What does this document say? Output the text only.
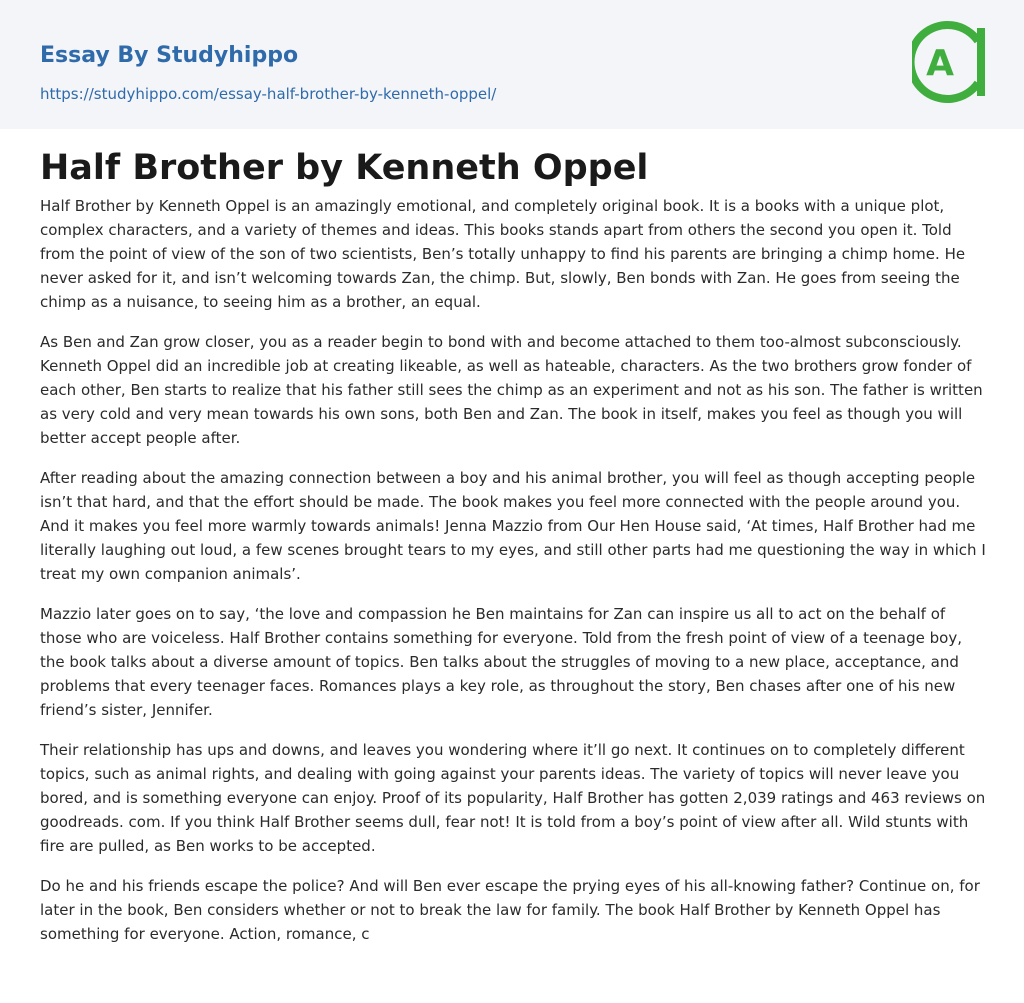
Essay By Studyhippo
https://studyhippo.com/essay-half-brother-by-kenneth-oppel/
A
Half Brother by Kenneth Oppel

Half Brother by Kenneth Oppel is an amazingly emotional, and completely original book. It is a books with a unique plot, complex characters, and a variety of themes and ideas. This books stands apart from others the second you open it. Told from the point of view of the son of two scientists, Ben’s totally unhappy to find his parents are bringing a chimp home. He never asked for it, and isn’t welcoming towards Zan, the chimp. But, slowly, Ben bonds with Zan. He goes from seeing the chimp as a nuisance, to seeing him as a brother, an equal.

As Ben and Zan grow closer, you as a reader begin to bond with and become attached to them too-almost subconsciously. Kenneth Oppel did an incredible job at creating likeable, as well as hateable, characters. As the two brothers grow fonder of each other, Ben starts to realize that his father still sees the chimp as an experiment and not as his son. The father is written as very cold and very mean towards his own sons, both Ben and Zan. The book in itself, makes you feel as though you will better accept people after.

After reading about the amazing connection between a boy and his animal brother, you will feel as though accepting people isn’t that hard, and that the effort should be made. The book makes you feel more connected with the people around you. And it makes you feel more warmly towards animals! Jenna Mazzio from Our Hen House said, ‘At times, Half Brother had me literally laughing out loud, a few scenes brought tears to my eyes, and still other parts had me questioning the way in which I treat my own companion animals’.

Mazzio later goes on to say, ‘the love and compassion he Ben maintains for Zan can inspire us all to act on the behalf of those who are voiceless. Half Brother contains something for everyone. Told from the fresh point of view of a teenage boy, the book talks about a diverse amount of topics. Ben talks about the struggles of moving to a new place, acceptance, and problems that every teenager faces. Romances plays a key role, as throughout the story, Ben chases after one of his new friend’s sister, Jennifer.

Their relationship has ups and downs, and leaves you wondering where it’ll go next. It continues on to completely different topics, such as animal rights, and dealing with going against your parents ideas. The variety of topics will never leave you bored, and is something everyone can enjoy. Proof of its popularity, Half Brother has gotten 2,039 ratings and 463 reviews on goodreads. com. If you think Half Brother seems dull, fear not! It is told from a boy’s point of view after all. Wild stunts with fire are pulled, as Ben works to be accepted.

Do he and his friends escape the police? And will Ben ever escape the prying eyes of his all-knowing father? Continue on, for later in the book, Ben considers whether or not to break the law for family. The book Half Brother by Kenneth Oppel has something for everyone. Action, romance, c
